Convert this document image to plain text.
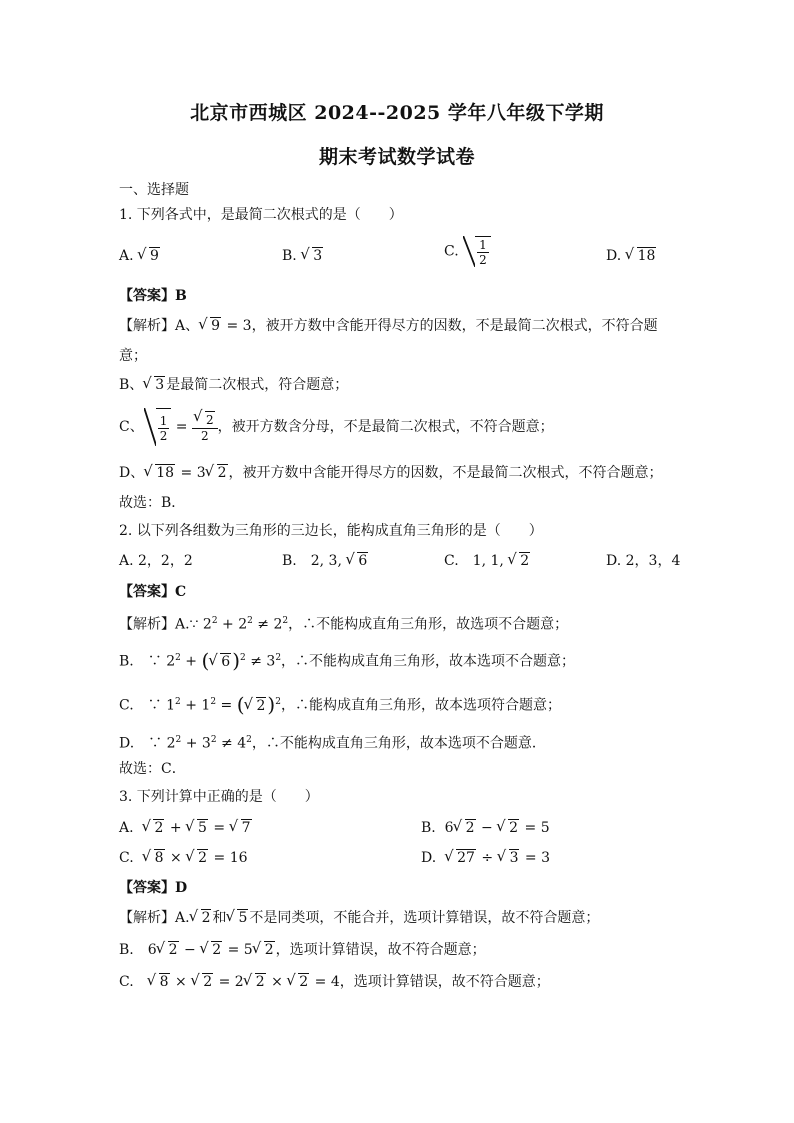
北京市西城区 2024--2025 学年八年级下学期
期末考试数学试卷
一、选择题
1. 下列各式中，是最简二次根式的是（　　）
A. √ 9	B. √ 3	C. $\frac{1}{2}$	D. √ 18
【答案】B
【解析】A、 √ 9 = 3，被开方数中含能开得尽方的因数，不是最简二次根式，不符合题
意；
B、 √ 3 是最简二次根式，符合题意；
C、 $\frac{1}{2}$ = √ $\frac{2}{2}$ ，被开方数含分母，不是最简二次根式，不符合题意；
D、 √ 18 = 3 √ 2 ，被开方数中含能开得尽方的因数，不是最简二次根式，不符合题意；
故选：B．
2. 以下列各组数为三角形的三边长，能构成直角三角形的是（　　）
A. 2，2，2	B.　2, 3, √ 6	C.　1, 1, √ 2	D. 2，3，4
【答案】C
【解析】A.∵ $2^2 + 2^2 \ne 2^2$，∴不能构成直角三角形，故选项不合题意；
B.　∵ $2^2$ + ( √ 6 )$^2 \ne 3^2$，∴不能构成直角三角形，故本选项不合题意；
C.　∵ $1^2 + 1^2$ = ( √ 2 )$^2$，∴能构成直角三角形，故本选项符合题意；
D.　∵ $2^2 + 3^2 \ne 4^2$，∴不能构成直角三角形，故本选项不合题意．
故选：C．
3. 下列计算中正确的是（　　）
A. √ 2 + √ 5 = √ 7	B. 6 √ 2 − √ 2 = 5
C. √ 8 × √ 2 = 16	D. √ 27 ÷ √ 3 = 3
【答案】D
【解析】A. √ 2 和 √ 5 不是同类项，不能合并，选项计算错误，故不符合题意；
B.　6 √ 2 − √ 2 = 5 √ 2 ，选项计算错误，故不符合题意；
C.　√ 8 × √ 2 = 2 √ 2 × √ 2 = 4，选项计算错误，故不符合题意；
